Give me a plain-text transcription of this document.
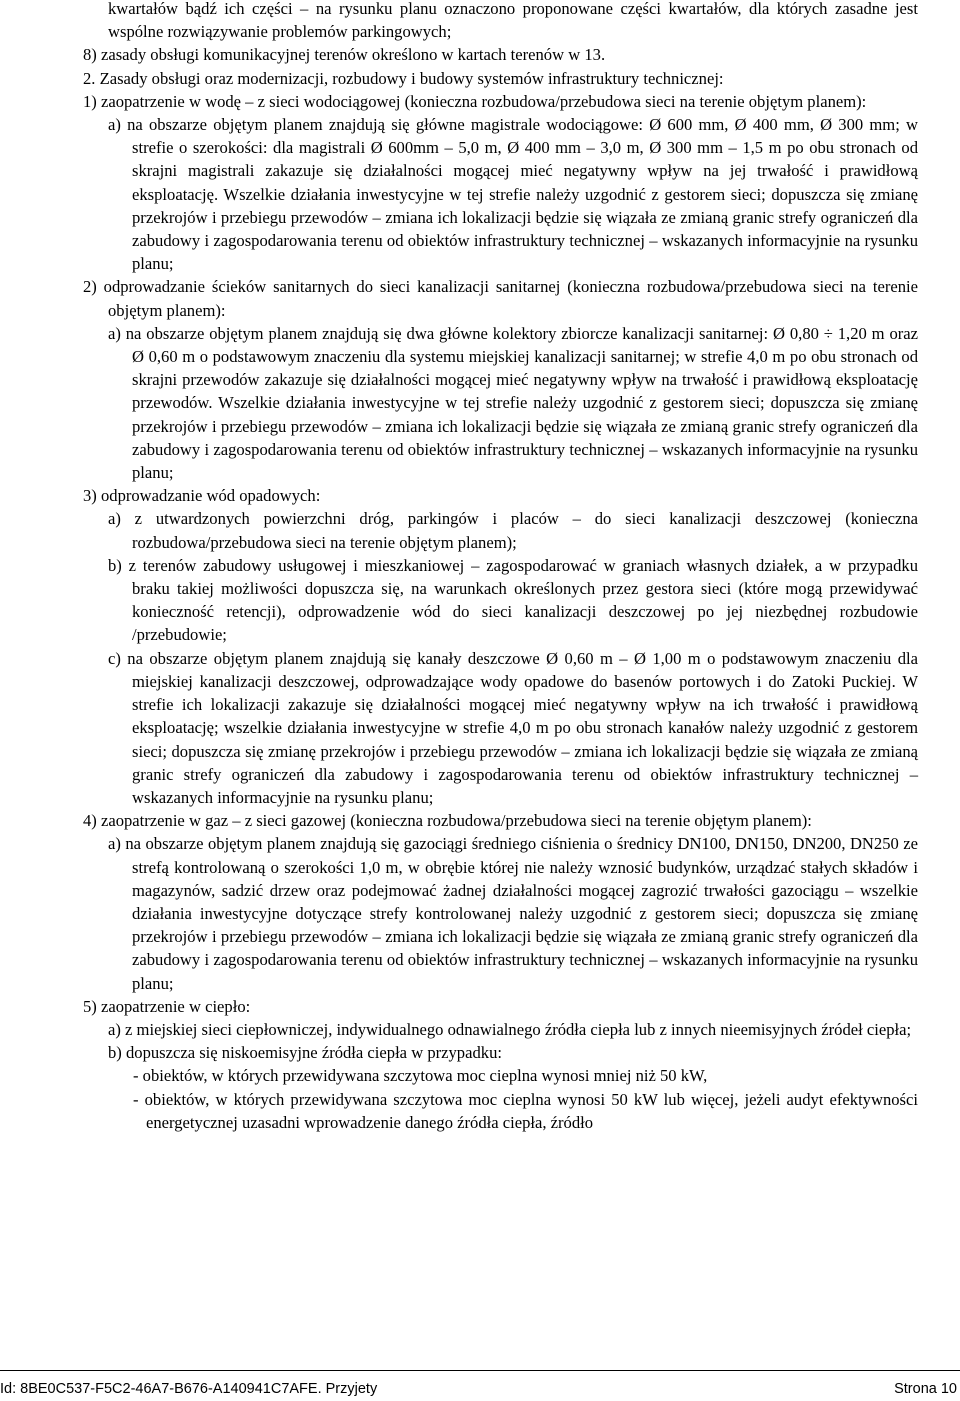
kwartałów bądź ich części – na rysunku planu oznaczono proponowane części kwartałów, dla których zasadne jest wspólne rozwiązywanie problemów parkingowych;

8) zasady obsługi komunikacyjnej terenów określono w kartach terenów w 13.

2. Zasady obsługi oraz modernizacji, rozbudowy i budowy systemów infrastruktury technicznej:

1) zaopatrzenie w wodę – z sieci wodociągowej (konieczna rozbudowa/przebudowa sieci na terenie objętym planem):

a) na obszarze objętym planem znajdują się główne magistrale wodociągowe: Ø 600 mm, Ø 400 mm, Ø 300 mm; w strefie o szerokości: dla magistrali Ø 600mm – 5,0 m, Ø 400 mm – 3,0 m, Ø 300 mm – 1,5 m po obu stronach od skrajni magistrali zakazuje się działalności mogącej mieć negatywny wpływ na jej trwałość i prawidłową eksploatację. Wszelkie działania inwestycyjne w tej strefie należy uzgodnić z gestorem sieci; dopuszcza się zmianę przekrojów i przebiegu przewodów – zmiana ich lokalizacji będzie się wiązała ze zmianą granic strefy ograniczeń dla zabudowy i zagospodarowania terenu od obiektów infrastruktury technicznej – wskazanych informacyjnie na rysunku planu;

2) odprowadzanie ścieków sanitarnych do sieci kanalizacji sanitarnej (konieczna rozbudowa/przebudowa sieci na terenie objętym planem):

a) na obszarze objętym planem znajdują się dwa główne kolektory zbiorcze kanalizacji sanitarnej: Ø 0,80 ÷ 1,20 m oraz Ø 0,60 m o podstawowym znaczeniu dla systemu miejskiej kanalizacji sanitarnej; w strefie 4,0 m po obu stronach od skrajni przewodów zakazuje się działalności mogącej mieć negatywny wpływ na trwałość i prawidłową eksploatację przewodów. Wszelkie działania inwestycyjne w tej strefie należy uzgodnić z gestorem sieci; dopuszcza się zmianę przekrojów i przebiegu przewodów – zmiana ich lokalizacji będzie się wiązała ze zmianą granic strefy ograniczeń dla zabudowy i zagospodarowania terenu od obiektów infrastruktury technicznej – wskazanych informacyjnie na rysunku planu;

3) odprowadzanie wód opadowych:

a) z utwardzonych powierzchni dróg, parkingów i placów – do sieci kanalizacji deszczowej (konieczna rozbudowa/przebudowa sieci na terenie objętym planem);

b) z terenów zabudowy usługowej i mieszkaniowej – zagospodarować w graniach własnych działek, a w przypadku braku takiej możliwości dopuszcza się, na warunkach określonych przez gestora sieci (które mogą przewidywać konieczność retencji), odprowadzenie wód do sieci kanalizacji deszczowej po jej niezbędnej rozbudowie /przebudowie;

c) na obszarze objętym planem znajdują się kanały deszczowe Ø 0,60 m – Ø 1,00 m o podstawowym znaczeniu dla miejskiej kanalizacji deszczowej, odprowadzające wody opadowe do basenów portowych i do Zatoki Puckiej. W strefie ich lokalizacji zakazuje się działalności mogącej mieć negatywny wpływ na ich trwałość i prawidłową eksploatację; wszelkie działania inwestycyjne w strefie 4,0 m po obu stronach kanałów należy uzgodnić z gestorem sieci; dopuszcza się zmianę przekrojów i przebiegu przewodów – zmiana ich lokalizacji będzie się wiązała ze zmianą granic strefy ograniczeń dla zabudowy i zagospodarowania terenu od obiektów infrastruktury technicznej – wskazanych informacyjnie na rysunku planu;

4) zaopatrzenie w gaz – z sieci gazowej (konieczna rozbudowa/przebudowa sieci na terenie objętym planem):

a) na obszarze objętym planem znajdują się gazociągi średniego ciśnienia o średnicy DN100, DN150, DN200, DN250 ze strefą kontrolowaną o szerokości 1,0 m, w obrębie której nie należy wznosić budynków, urządzać stałych składów i magazynów, sadzić drzew oraz podejmować żadnej działalności mogącej zagrozić trwałości gazociągu – wszelkie działania inwestycyjne dotyczące strefy kontrolowanej należy uzgodnić z gestorem sieci; dopuszcza się zmianę przekrojów i przebiegu przewodów – zmiana ich lokalizacji będzie się wiązała ze zmianą granic strefy ograniczeń dla zabudowy i zagospodarowania terenu od obiektów infrastruktury technicznej – wskazanych informacyjnie na rysunku planu;

5) zaopatrzenie w ciepło:

a) z miejskiej sieci ciepłowniczej, indywidualnego odnawialnego źródła ciepła lub z innych nieemisyjnych źródeł ciepła;

b) dopuszcza się niskoemisyjne źródła ciepła w przypadku:

- obiektów, w których przewidywana szczytowa moc cieplna wynosi mniej niż 50 kW,

- obiektów, w których przewidywana szczytowa moc cieplna wynosi 50 kW lub więcej, jeżeli audyt efektywności energetycznej uzasadni wprowadzenie danego źródła ciepła, źródło

Id: 8BE0C537-F5C2-46A7-B676-A140941C7AFE. Przyjety	Strona 10
